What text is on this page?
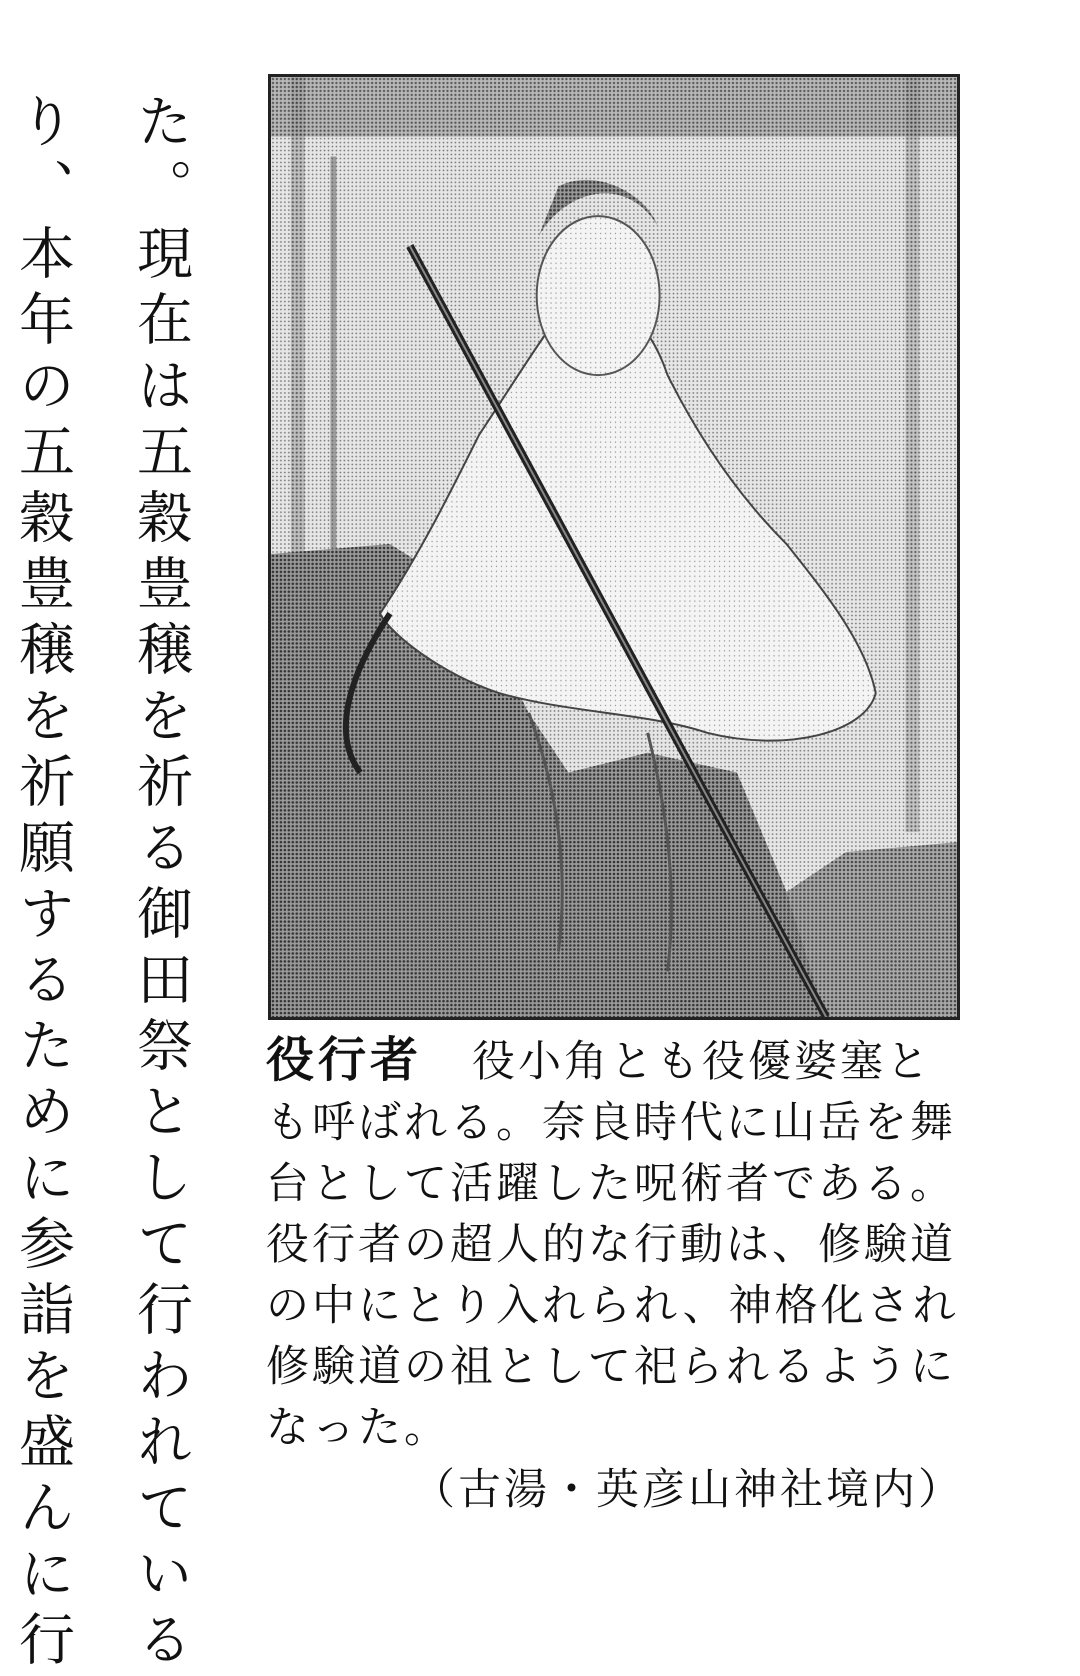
た。現在は五穀豊穣を祈る御田祭として行われている
り、本年の五穀豊穣を祈願するために参詣を盛んに行	役行者 役小角とも役優婆塞とも呼ばれる。奈良時代に山岳を舞台として活躍した呪術者である。役行者の超人的な行動は、修験道の中にとり入れられ、神格化され修験道の祖として祀られるようになった。
（古湯・英彦山神社境内）
